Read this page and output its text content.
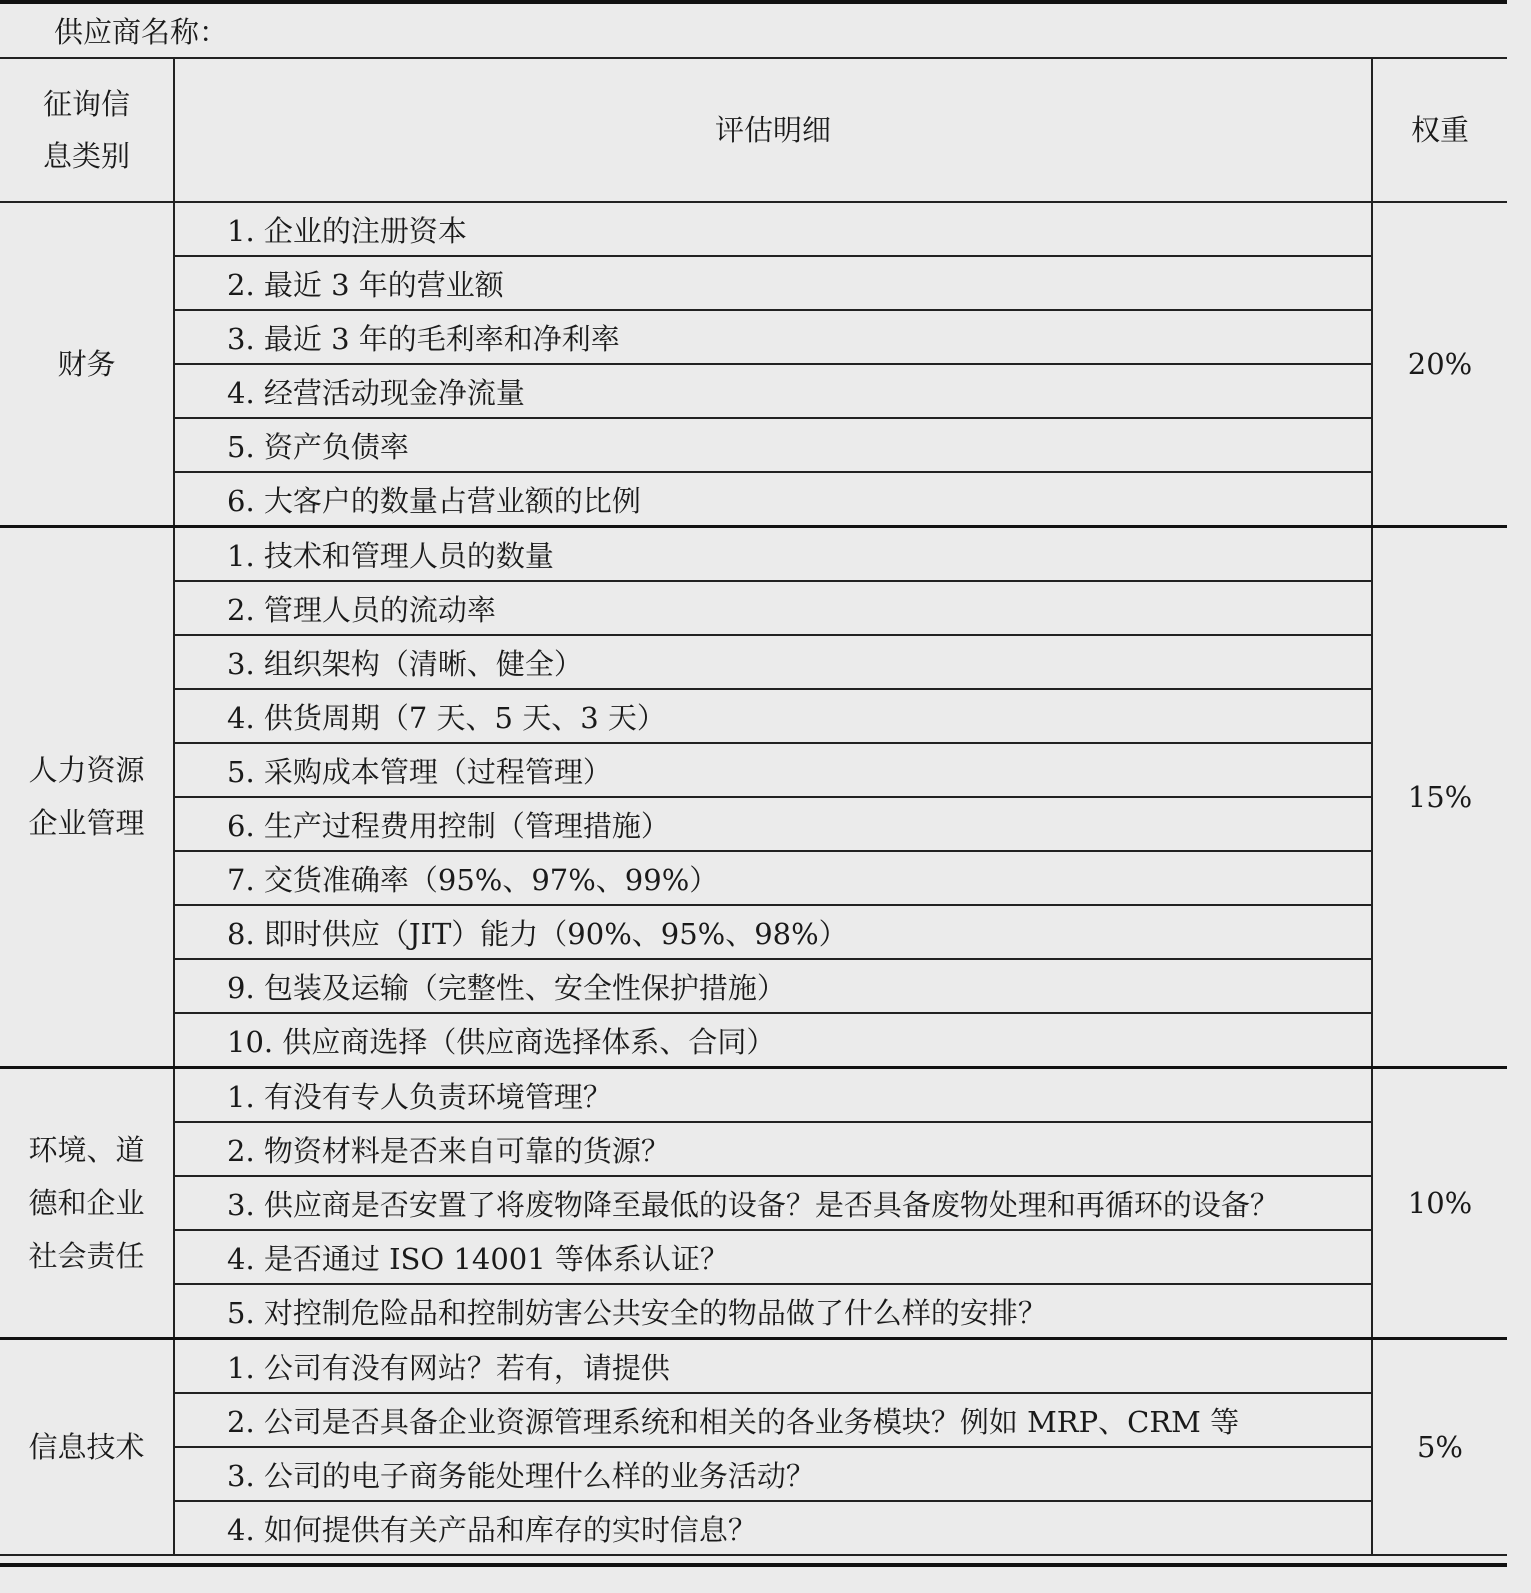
供应商名称：
征询信
息类别	评估明细	权重

财务	1. 企业的注册资本	20%
	2. 最近 3 年的营业额	
	3. 最近 3 年的毛利率和净利率	
	4. 经营活动现金净流量	
	5. 资产负债率	
	6. 大客户的数量占营业额的比例	

人力资源
企业管理	1. 技术和管理人员的数量	15%
	2. 管理人员的流动率	
	3. 组织架构（清晰、健全）	
	4. 供货周期（7 天、5 天、3 天）	
	5. 采购成本管理（过程管理）	
	6. 生产过程费用控制（管理措施）	
	7. 交货准确率（95%、97%、99%）	
	8. 即时供应（JIT）能力（90%、95%、98%）	
	9. 包装及运输（完整性、安全性保护措施）	
	10. 供应商选择（供应商选择体系、合同）	

环境、道
德和企业
社会责任	1. 有没有专人负责环境管理？	10%
	2. 物资材料是否来自可靠的货源？	
	3. 供应商是否安置了将废物降至最低的设备？是否具备废物处理和再循环的设备？	
	4. 是否通过 ISO 14001 等体系认证？	
	5. 对控制危险品和控制妨害公共安全的物品做了什么样的安排？	

信息技术	1. 公司有没有网站？若有，请提供	5%
	2. 公司是否具备企业资源管理系统和相关的各业务模块？例如 MRP、CRM 等	
	3. 公司的电子商务能处理什么样的业务活动？	
	4. 如何提供有关产品和库存的实时信息？	
